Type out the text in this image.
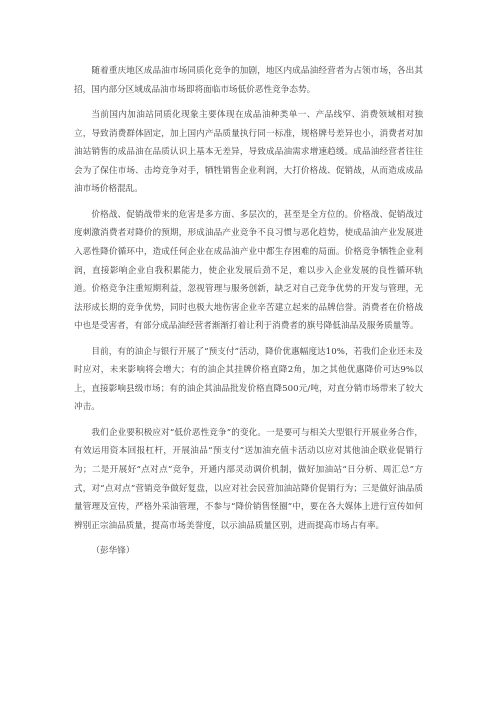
随着重庆地区成品油市场同质化竞争的加剧，地区内成品油经营者为占领市场，各出其招，国内部分区域成品油市场即将面临市场低价恶性竞争态势。

当前国内加油站同质化现象主要体现在成品油种类单一、产品线窄、消费领域相对独立，导致消费群体固定，加上国内产品质量执行同一标准，规格牌号差异也小，消费者对加油站销售的成品油在品质认识上基本无差异，导致成品油需求增速趋缓。成品油经营者往往会为了保住市场、击垮竞争对手，牺牲销售企业利润，大打价格战、促销战，从而造成成品油市场价格混乱。

价格战、促销战带来的危害是多方面、多层次的，甚至是全方位的。价格战、促销战过度刺激消费者对降价的预期，形成油品产业竞争不良习惯与恶化趋势，使成品油产业发展进入恶性降价循环中，造成任何企业在成品油产业中都生存困难的局面。价格竞争牺牲企业利润，直接影响企业自我积累能力，使企业发展后劲不足，难以步入企业发展的良性循环轨道。价格竞争注重短期利益，忽视管理与服务创新，缺乏对自己竞争优势的开发与管理，无法形成长期的竞争优势，同时也极大地伤害企业辛苦建立起来的品牌信誉。消费者在价格战中也是受害者，有部分成品油经营者渐渐打着让利于消费者的旗号降低油品及服务质量等。

目前，有的油企与银行开展了“预支付”活动，降价优惠幅度达10%，若我们企业还未及时应对，未来影响将会增大；有的油企其挂牌价格直降2角，加之其他优惠降价可达9%以上，直接影响县级市场；有的油企其油品批发价格直降500元/吨，对直分销市场带来了较大冲击。

我们企业要积极应对“低价恶性竞争”的变化。一是要可与相关大型银行开展业务合作，有效运用资本回报杠杆，开展油品“预支付”送加油充值卡活动以应对其他油企联业促销行为；二是开展好“点对点”竞争，开通内部灵动调价机制，做好加油站“日分析、周汇总”方式，对“点对点”营销竞争做好复盘，以应对社会民营加油站降价促销行为；三是做好油品质量管理及宣传，严格外采油管理，不参与“降价销售怪圈”中，要在各大媒体上进行宣传如何辨别正宗油品质量，提高市场美誉度，以示油品质量区别，进而提高市场占有率。

（彭华锋）
